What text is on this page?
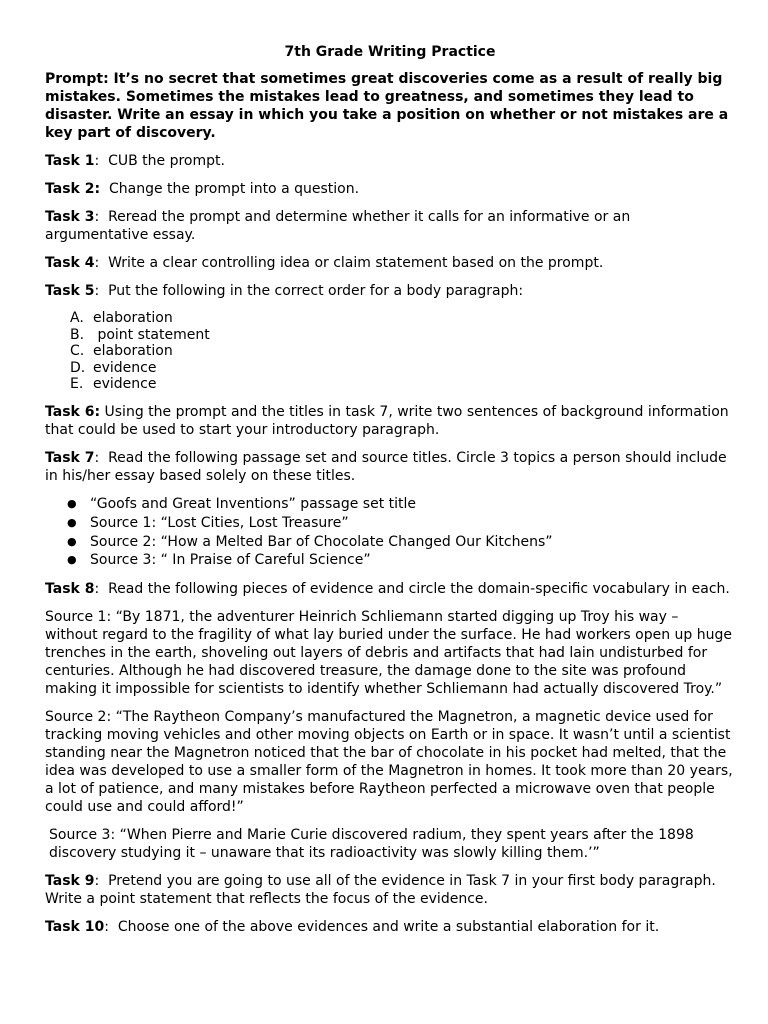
7th Grade Writing Practice
Prompt: It’s no secret that sometimes great discoveries come as a result of really big mistakes. Sometimes the mistakes lead to greatness, and sometimes they lead to disaster. Write an essay in which you take a position on whether or not mistakes are a key part of discovery.
Task 1:  CUB the prompt.
Task 2: Change the prompt into a question.
Task 3:  Reread the prompt and determine whether it calls for an informative or an argumentative essay.
Task 4:  Write a clear controlling idea or claim statement based on the prompt.
Task 5:  Put the following in the correct order for a body paragraph:
A. elaboration
B. point statement
C. elaboration
D. evidence
E. evidence
Task 6: Using the prompt and the titles in task 7, write two sentences of background information that could be used to start your introductory paragraph.
Task 7:  Read the following passage set and source titles. Circle 3 topics a person should include in his/her essay based solely on these titles.
● “Goofs and Great Inventions” passage set title
● Source 1: “Lost Cities, Lost Treasure”
● Source 2: “How a Melted Bar of Chocolate Changed Our Kitchens”
● Source 3: “ In Praise of Careful Science”
Task 8:  Read the following pieces of evidence and circle the domain-specific vocabulary in each.
Source 1: “By 1871, the adventurer Heinrich Schliemann started digging up Troy his way – without regard to the fragility of what lay buried under the surface. He had workers open up huge trenches in the earth, shoveling out layers of debris and artifacts that had lain undisturbed for centuries. Although he had discovered treasure, the damage done to the site was profound making it impossible for scientists to identify whether Schliemann had actually discovered Troy.”
Source 2: “The Raytheon Company’s manufactured the Magnetron, a magnetic device used for tracking moving vehicles and other moving objects on Earth or in space. It wasn’t until a scientist standing near the Magnetron noticed that the bar of chocolate in his pocket had melted, that the idea was developed to use a smaller form of the Magnetron in homes. It took more than 20 years, a lot of patience, and many mistakes before Raytheon perfected a microwave oven that people could use and could afford!”
Source 3: “When Pierre and Marie Curie discovered radium, they spent years after the 1898 discovery studying it – unaware that its radioactivity was slowly killing them.’”
Task 9:  Pretend you are going to use all of the evidence in Task 7 in your first body paragraph. Write a point statement that reflects the focus of the evidence.
Task 10:  Choose one of the above evidences and write a substantial elaboration for it.
